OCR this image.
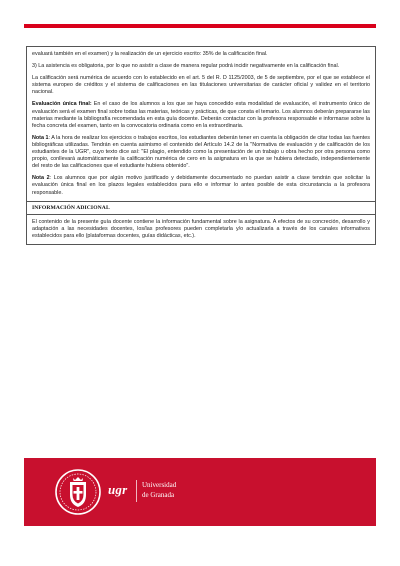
evaluará también en el examen) y la realización de un ejercicio escrito: 35% de la calificación final.

3) La asistencia es obligatoria, por lo que no asistir a clase de manera regular podrá incidir negativamente en la calificación final.

La calificación será numérica de acuerdo con lo establecido en el art. 5 del R. D 1125/2003, de 5 de septiembre, por el que se establece el sistema europeo de créditos y el sistema de calificaciones en las titulaciones universitarias de carácter oficial y validez en el territorio nacional.

Evaluación única final: En el caso de los alumnos a los que se haya concedido esta modalidad de evaluación, el instrumento único de evaluación será el examen final sobre todas las materias, teóricas y prácticas, de que consta el temario. Los alumnos deberán prepararse las materias mediante la bibliografía recomendada en esta guía docente. Deberán contactar con la profesora responsable e informarse sobre la fecha concreta del examen, tanto en la convocatoria ordinaria como en la extraordinaria.

Nota 1: A la hora de realizar los ejercicios o trabajos escritos, los estudiantes deberán tener en cuenta la obligación de citar todas las fuentes bibliográficas utilizadas. Tendrán en cuenta asimismo el contenido del Artículo 14.2 de la "Normativa de evaluación y de calificación de los estudiantes de la UGR", cuyo texto dice así: "El plagio, entendido como la presentación de un trabajo u obra hecho por otra persona como propio, conllevará automáticamente la calificación numérica de cero en la asignatura en la que se hubiera detectado, independientemente del resto de las calificaciones que el estudiante hubiera obtenido".

Nota 2: Los alumnos que por algún motivo justificado y debidamente documentado no puedan asistir a clase tendrán que solicitar la evaluación única final en los plazos legales establecidos para ello e informar lo antes posible de esta circunstancia a la profesora responsable.

INFORMACIÓN ADICIONAL

El contenido de la presente guía docente contiene la información fundamental sobre la asignatura. A efectos de su concreción, desarrollo y adaptación a las necesidades docentes, los/las profesores pueden completarla y/o actualizarla a través de los canales informativos establecidos para ello (plataformas docentes, guías didácticas, etc.).

ugr Universidad
de Granada
